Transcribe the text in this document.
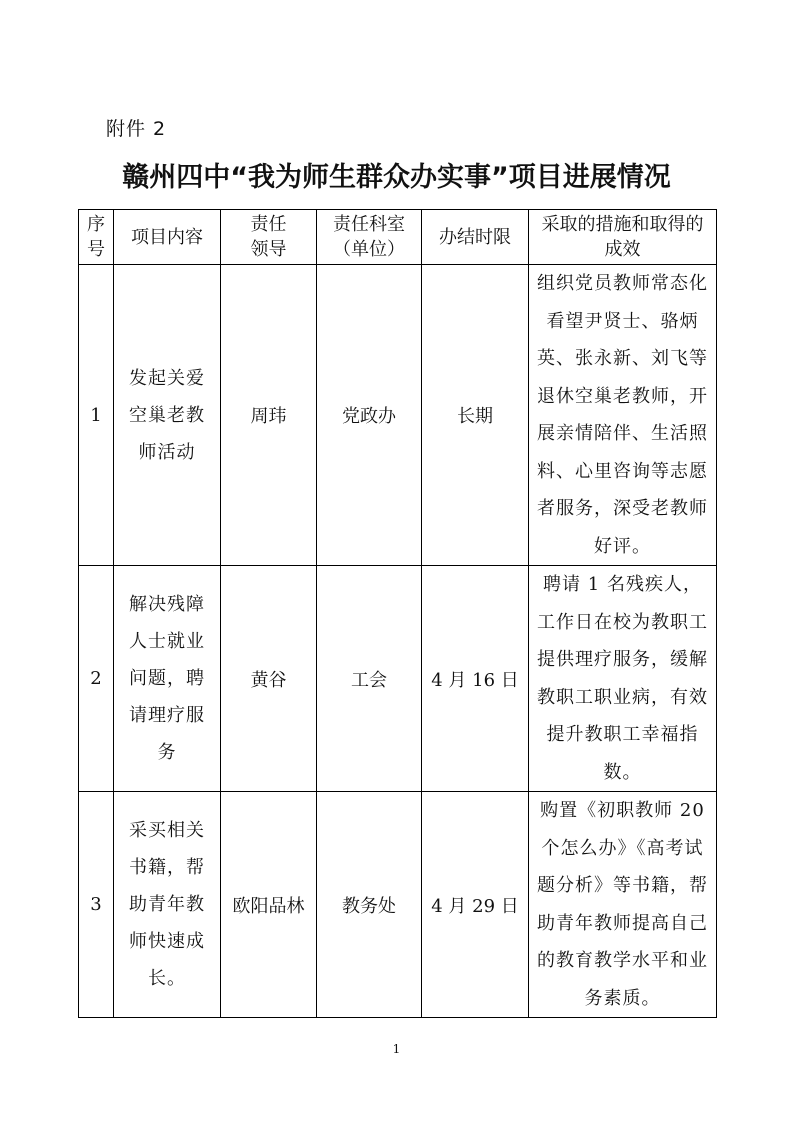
附件 2
赣州四中“我为师生群众办实事”项目进展情况
序号	项目内容	责任领导	责任科室（单位）	办结时限	采取的措施和取得的成效

1	发起关爱空巢老教师活动	周玮	党政办	长期	组织党员教师常态化看望尹贤士、骆炳英、张永新、刘飞等退休空巢老教师，开展亲情陪伴、生活照料、心里咨询等志愿者服务，深受老教师好评。

2	解决残障人士就业问题，聘请理疗服务	黄谷	工会	4 月 16 日	聘请 1 名残疾人，工作日在校为教职工提供理疗服务，缓解教职工职业病，有效提升教职工幸福指数。

3	采买相关书籍，帮助青年教师快速成长。	欧阳品林	教务处	4 月 29 日	购置《初职教师 20 个怎么办》《高考试题分析》等书籍，帮助青年教师提高自己的教育教学水平和业务素质。
1
